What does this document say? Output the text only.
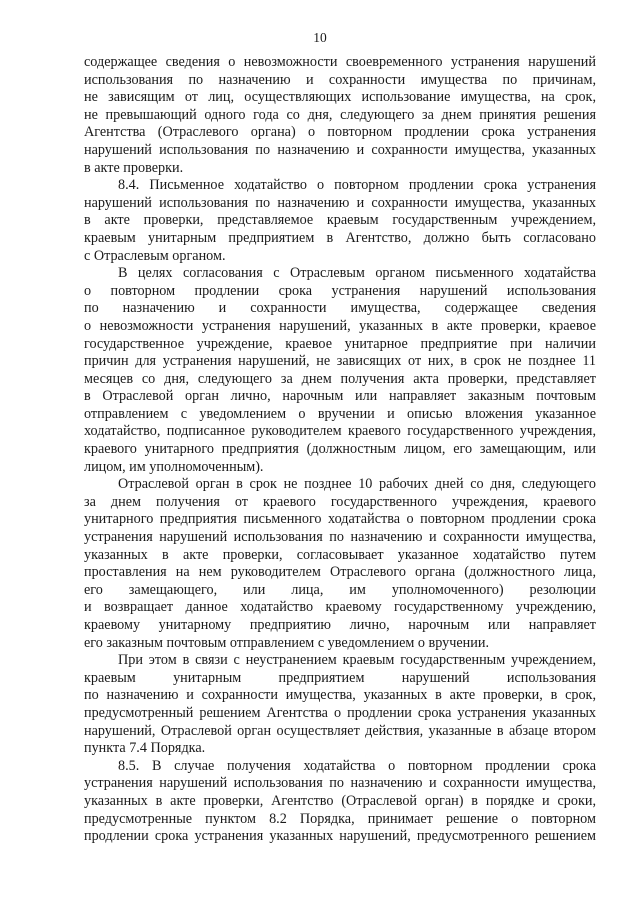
10
содержащее сведения о невозможности своевременного устранения нарушений
использования по назначению и сохранности имущества по причинам,
не зависящим от лиц, осуществляющих использование имущества, на срок,
не превышающий одного года со дня, следующего за днем принятия решения
Агентства (Отраслевого органа) о повторном продлении срока устранения
нарушений использования по назначению и сохранности имущества, указанных
в акте проверки.
8.4. Письменное ходатайство о повторном продлении срока устранения
нарушений использования по назначению и сохранности имущества, указанных
в акте проверки, представляемое краевым государственным учреждением,
краевым унитарным предприятием в Агентство, должно быть согласовано
с Отраслевым органом.
В целях согласования с Отраслевым органом письменного ходатайства
о повторном продлении срока устранения нарушений использования
по назначению и сохранности имущества, содержащее сведения
о невозможности устранения нарушений, указанных в акте проверки, краевое
государственное учреждение, краевое унитарное предприятие при наличии
причин для устранения нарушений, не зависящих от них, в срок не позднее 11
месяцев со дня, следующего за днем получения акта проверки, представляет
в Отраслевой орган лично, нарочным или направляет заказным почтовым
отправлением с уведомлением о вручении и описью вложения указанное
ходатайство, подписанное руководителем краевого государственного учреждения,
краевого унитарного предприятия (должностным лицом, его замещающим, или
лицом, им уполномоченным).
Отраслевой орган в срок не позднее 10 рабочих дней со дня, следующего
за днем получения от краевого государственного учреждения, краевого
унитарного предприятия письменного ходатайства о повторном продлении срока
устранения нарушений использования по назначению и сохранности имущества,
указанных в акте проверки, согласовывает указанное ходатайство путем
проставления на нем руководителем Отраслевого органа (должностного лица,
его замещающего, или лица, им уполномоченного) резолюции
и возвращает данное ходатайство краевому государственному учреждению,
краевому унитарному предприятию лично, нарочным или направляет
его заказным почтовым отправлением с уведомлением о вручении.
При этом в связи с неустранением краевым государственным учреждением,
краевым унитарным предприятием нарушений использования
по назначению и сохранности имущества, указанных в акте проверки, в срок,
предусмотренный решением Агентства о продлении срока устранения указанных
нарушений, Отраслевой орган осуществляет действия, указанные в абзаце втором
пункта 7.4 Порядка.
8.5. В случае получения ходатайства о повторном продлении срока
устранения нарушений использования по назначению и сохранности имущества,
указанных в акте проверки, Агентство (Отраслевой орган) в порядке и сроки,
предусмотренные пунктом 8.2 Порядка, принимает решение о повторном
продлении срока устранения указанных нарушений, предусмотренного решением
